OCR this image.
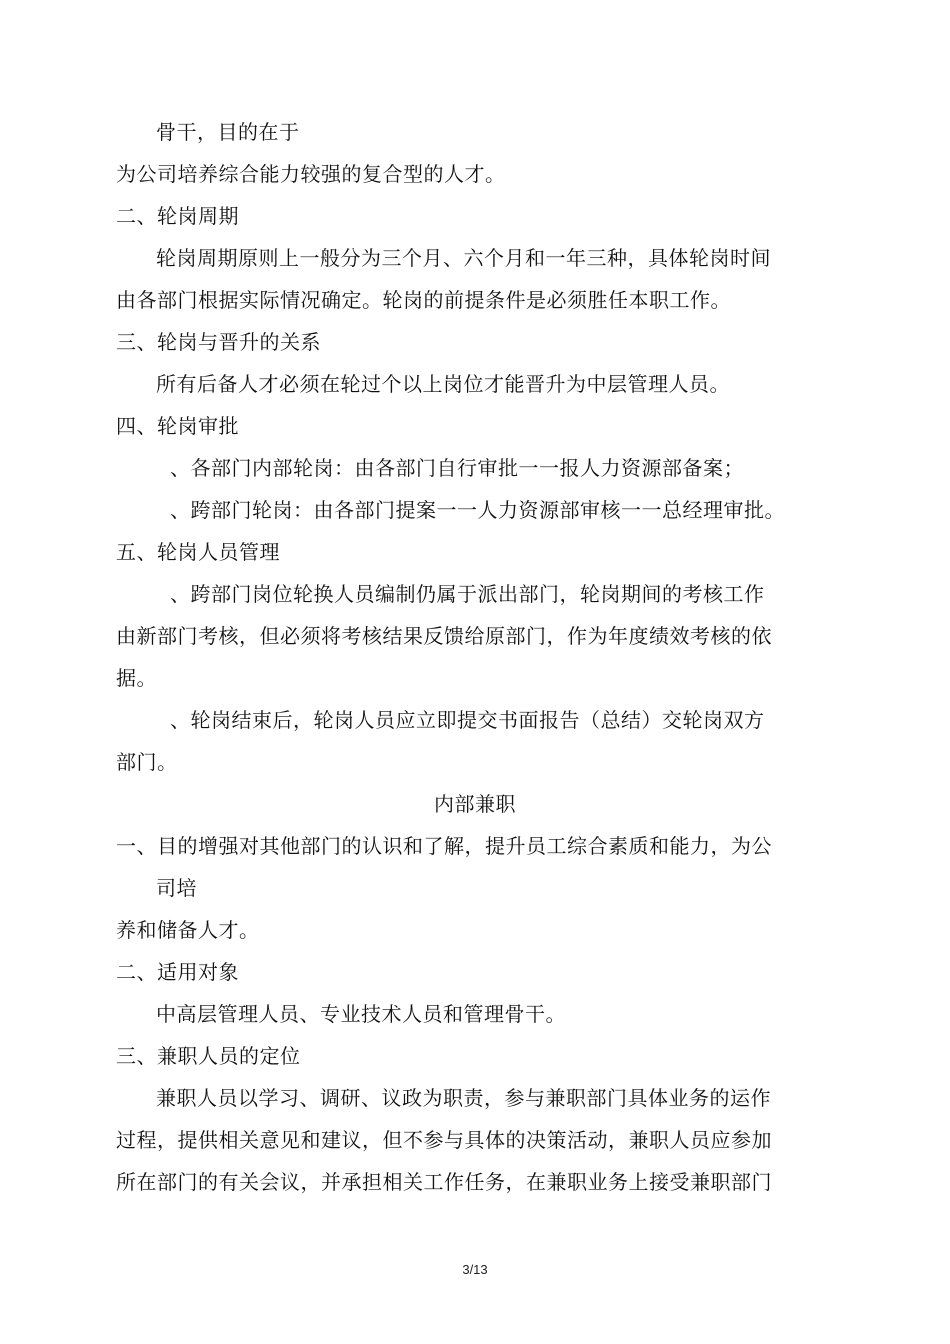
骨干，目的在于
为公司培养综合能力较强的复合型的人才。
二、轮岗周期
轮岗周期原则上一般分为三个月、六个月和一年三种，具体轮岗时间
由各部门根据实际情况确定。轮岗的前提条件是必须胜任本职工作。
三、轮岗与晋升的关系
所有后备人才必须在轮过个以上岗位才能晋升为中层管理人员。
四、轮岗审批
、各部门内部轮岗：由各部门自行审批一一报人力资源部备案；
、跨部门轮岗：由各部门提案一一人力资源部审核一一总经理审批。
五、轮岗人员管理
、跨部门岗位轮换人员编制仍属于派出部门，轮岗期间的考核工作
由新部门考核，但必须将考核结果反馈给原部门，作为年度绩效考核的依
据。
、轮岗结束后，轮岗人员应立即提交书面报告（总结）交轮岗双方
部门。
内部兼职
一、目的增强对其他部门的认识和了解，提升员工综合素质和能力，为公
司培
养和储备人才。
二、适用对象
中高层管理人员、专业技术人员和管理骨干。
三、兼职人员的定位
兼职人员以学习、调研、议政为职责，参与兼职部门具体业务的运作
过程，提供相关意见和建议，但不参与具体的决策活动，兼职人员应参加
所在部门的有关会议，并承担相关工作任务，在兼职业务上接受兼职部门
3/13
